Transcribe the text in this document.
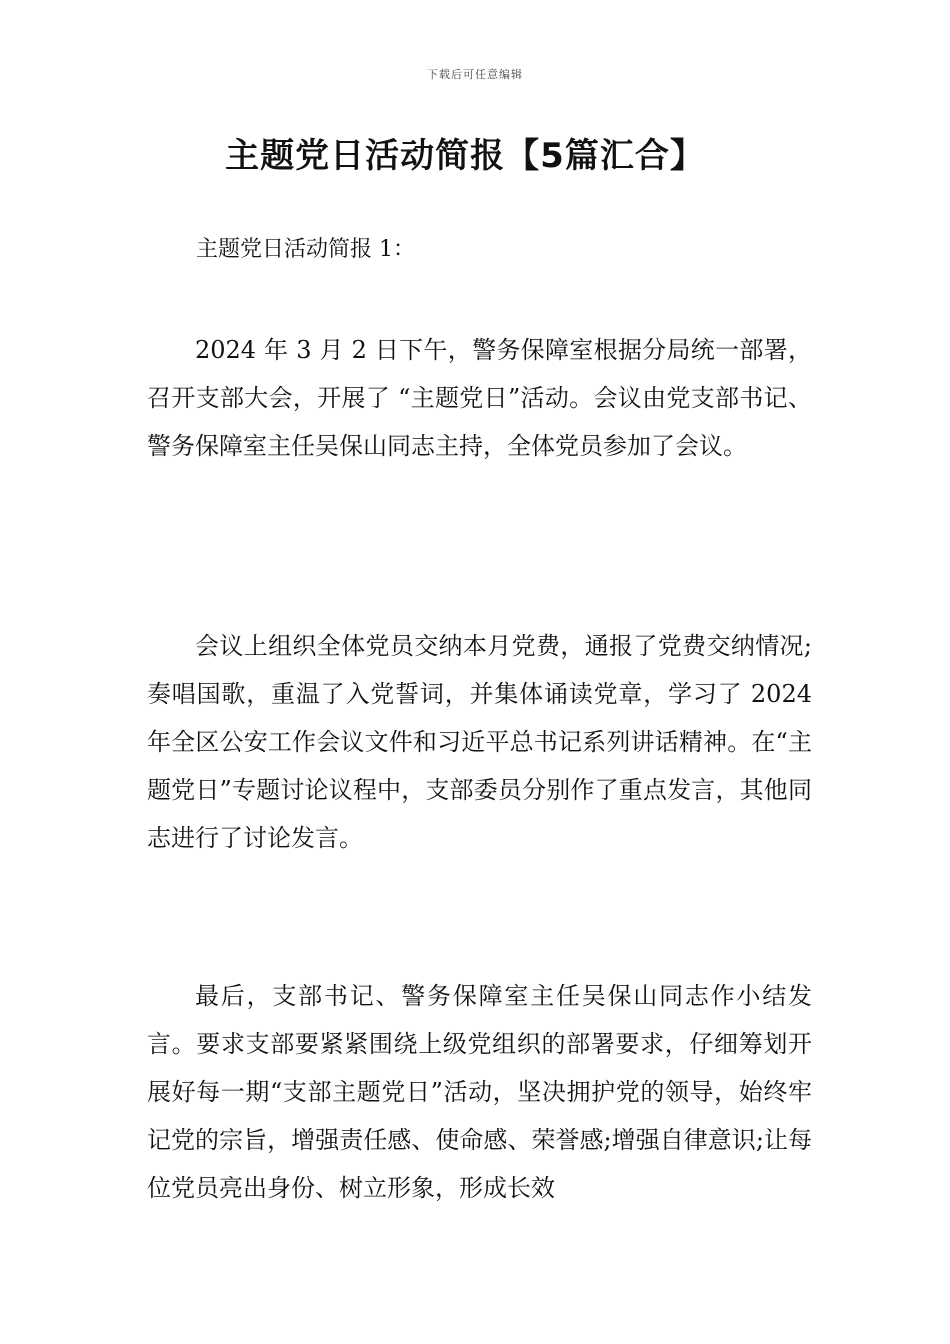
下载后可任意编辑
主题党日活动简报【5篇汇合】
主题党日活动简报 1：

2024 年 3 月 2 日下午，警务保障室根据分局统一部署，召开支部大会，开展了 “主题党日”活动。会议由党支部书记、警务保障室主任吴保山同志主持，全体党员参加了会议。

会议上组织全体党员交纳本月党费，通报了党费交纳情况;奏唱国歌，重温了入党誓词，并集体诵读党章，学习了 2024 年全区公安工作会议文件和习近平总书记系列讲话精神。在“主题党日”专题讨论议程中，支部委员分别作了重点发言，其他同志进行了讨论发言。

最后，支部书记、警务保障室主任吴保山同志作小结发言。要求支部要紧紧围绕上级党组织的部署要求，仔细筹划开展好每一期“支部主题党日”活动，坚决拥护党的领导，始终牢记党的宗旨，增强责任感、使命感、荣誉感;增强自律意识;让每位党员亮出身份、树立形象，形成长效
